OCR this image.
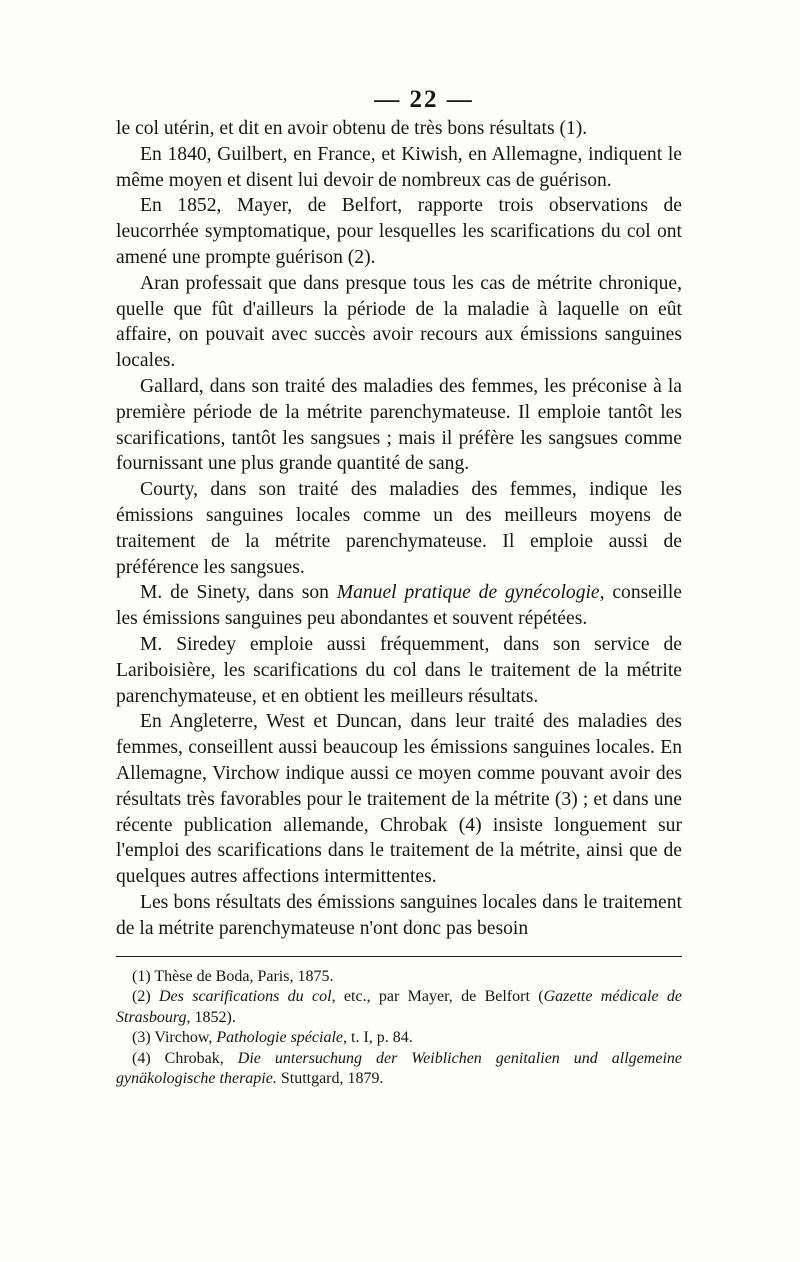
— 22 —

le col utérin, et dit en avoir obtenu de très bons résultats (1).

En 1840, Guilbert, en France, et Kiwish, en Allemagne, indiquent le même moyen et disent lui devoir de nombreux cas de guérison.

En 1852, Mayer, de Belfort, rapporte trois observations de leucorrhée symptomatique, pour lesquelles les scarifications du col ont amené une prompte guérison (2).

Aran professait que dans presque tous les cas de métrite chronique, quelle que fût d'ailleurs la période de la maladie à laquelle on eût affaire, on pouvait avec succès avoir recours aux émissions sanguines locales.

Gallard, dans son traité des maladies des femmes, les préconise à la première période de la métrite parenchymateuse. Il emploie tantôt les scarifications, tantôt les sangsues ; mais il préfère les sangsues comme fournissant une plus grande quantité de sang.

Courty, dans son traité des maladies des femmes, indique les émissions sanguines locales comme un des meilleurs moyens de traitement de la métrite parenchymateuse. Il emploie aussi de préférence les sangsues.

M. de Sinety, dans son Manuel pratique de gynécologie, conseille les émissions sanguines peu abondantes et souvent répétées.

M. Siredey emploie aussi fréquemment, dans son service de Lariboisière, les scarifications du col dans le traitement de la métrite parenchymateuse, et en obtient les meilleurs résultats.

En Angleterre, West et Duncan, dans leur traité des maladies des femmes, conseillent aussi beaucoup les émissions sanguines locales. En Allemagne, Virchow indique aussi ce moyen comme pouvant avoir des résultats très favorables pour le traitement de la métrite (3) ; et dans une récente publication allemande, Chrobak (4) insiste longuement sur l'emploi des scarifications dans le traitement de la métrite, ainsi que de quelques autres affections intermittentes.

Les bons résultats des émissions sanguines locales dans le traitement de la métrite parenchymateuse n'ont donc pas besoin

(1) Thèse de Boda, Paris, 1875.

(2) Des scarifications du col, etc., par Mayer, de Belfort (Gazette médicale de Strasbourg, 1852).

(3) Virchow, Pathologie spéciale, t. I, p. 84.

(4) Chrobak, Die untersuchung der Weiblichen genitalien und allgemeine gynäkologische therapie. Stuttgard, 1879.
